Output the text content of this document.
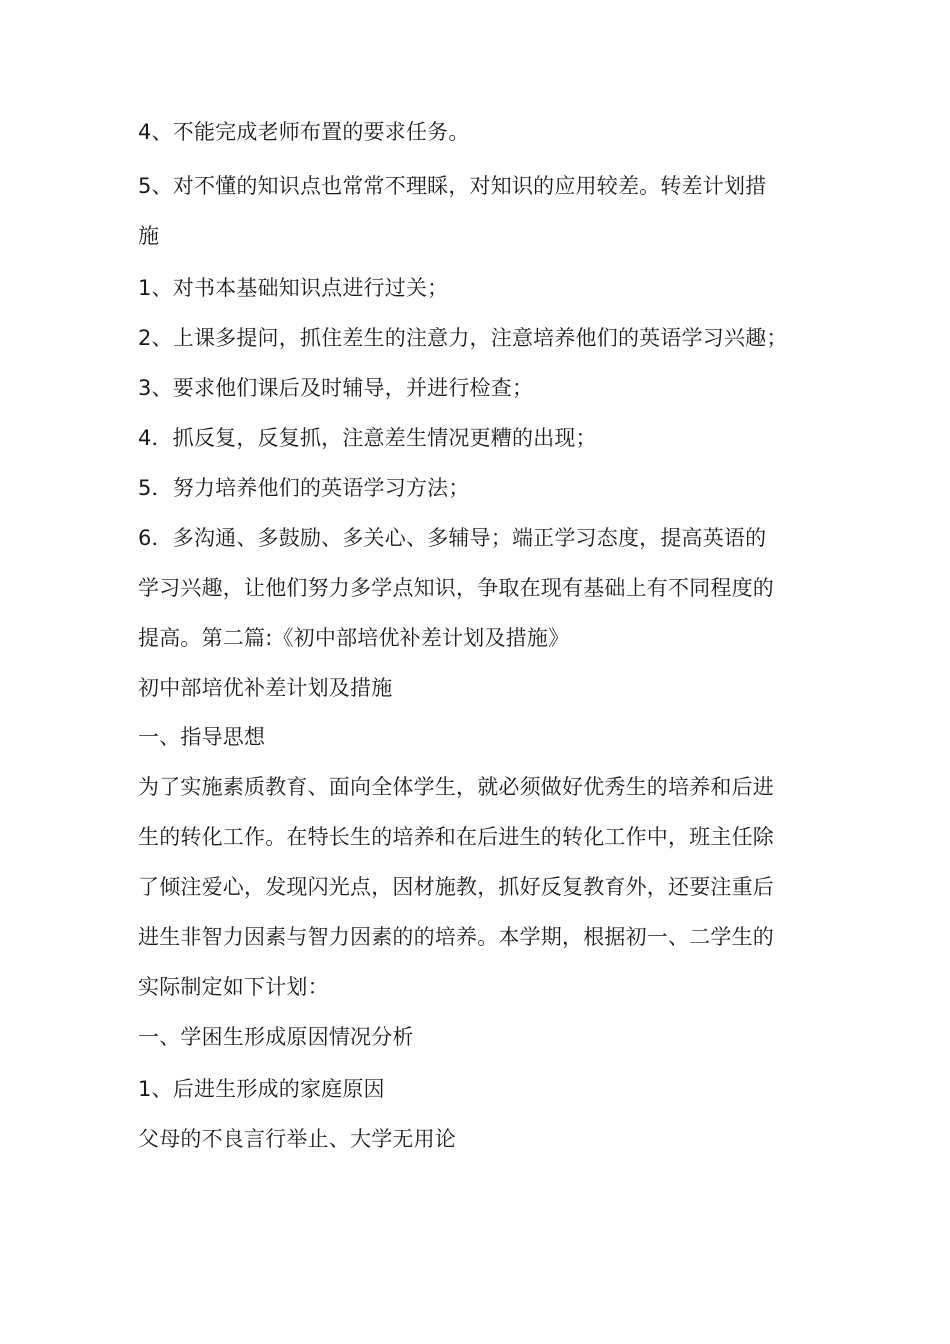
4、不能完成老师布置的要求任务。
5、对不懂的知识点也常常不理睬，对知识的应用较差。转差计划措
施
1、对书本基础知识点进行过关；
2、上课多提问，抓住差生的注意力，注意培养他们的英语学习兴趣；
3、要求他们课后及时辅导，并进行检查；
4．抓反复，反复抓，注意差生情况更糟的出现；
5．努力培养他们的英语学习方法；
6．多沟通、多鼓励、多关心、多辅导；端正学习态度，提高英语的
学习兴趣，让他们努力多学点知识，争取在现有基础上有不同程度的
提高。第二篇:《初中部培优补差计划及措施》
初中部培优补差计划及措施
一、指导思想
为了实施素质教育、面向全体学生，就必须做好优秀生的培养和后进
生的转化工作。在特长生的培养和在后进生的转化工作中，班主任除
了倾注爱心，发现闪光点，因材施教，抓好反复教育外，还要注重后
进生非智力因素与智力因素的的培养。本学期，根据初一、二学生的
实际制定如下计划：
一、学困生形成原因情况分析
1、后进生形成的家庭原因
父母的不良言行举止、大学无用论
